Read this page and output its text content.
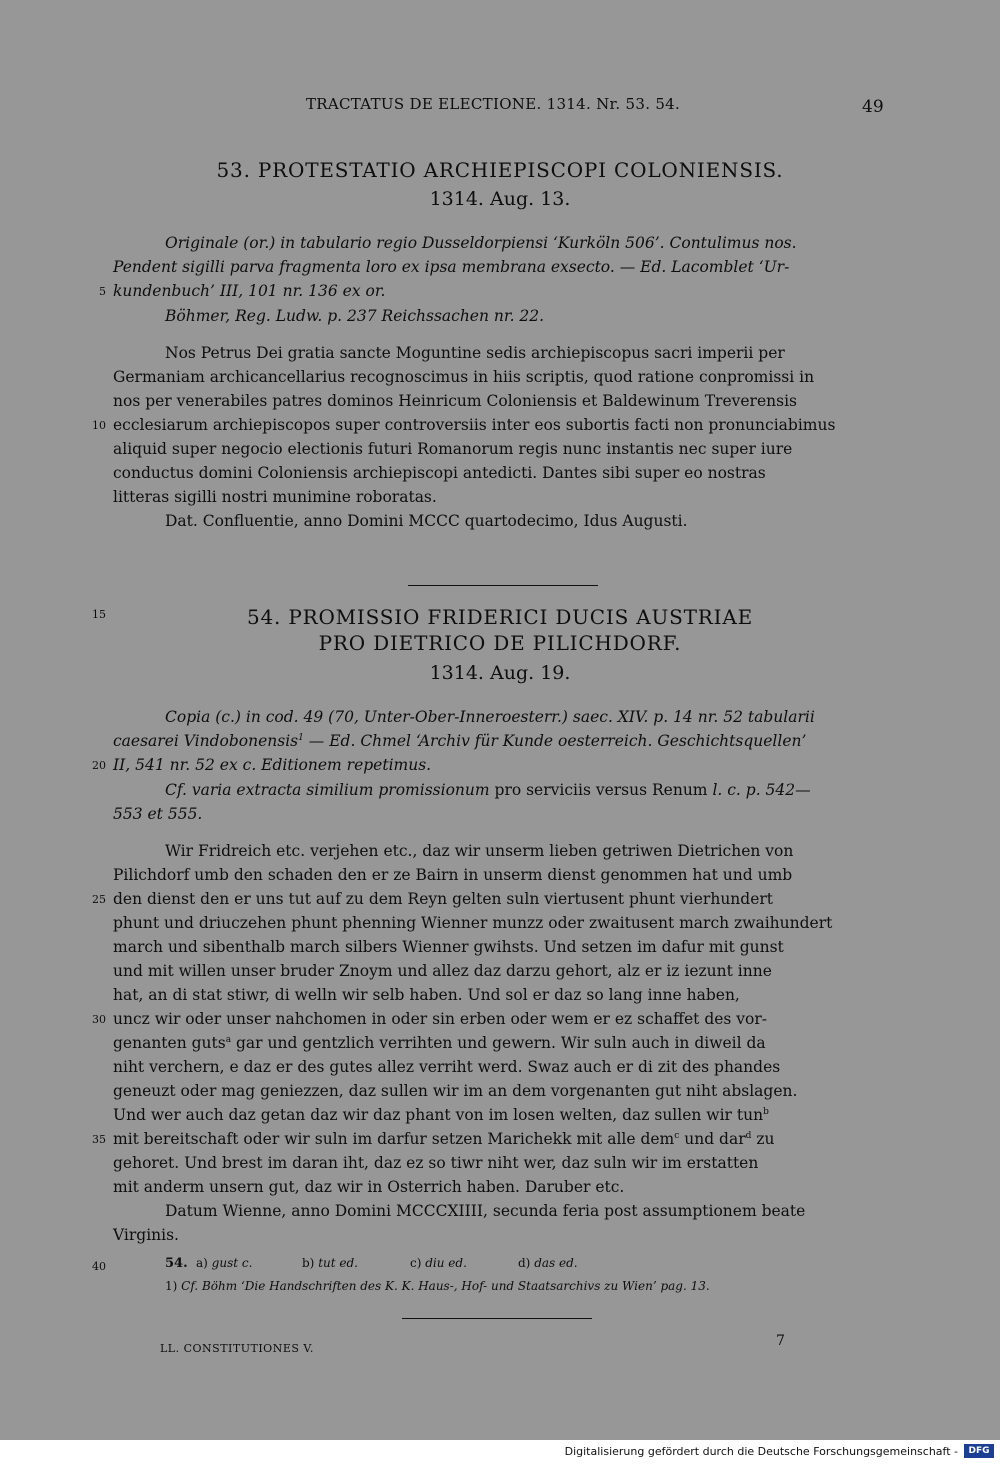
TRACTATUS DE ELECTIONE. 1314. Nr. 53. 54.	49
53. PROTESTATIO ARCHIEPISCOPI COLONIENSIS.
1314. Aug. 13.
Originale (or.) in tabulario regio Dusseldorpiensi ‘Kurköln 506’. Contulimus nos.
Pendent sigilli parva fragmenta loro ex ipsa membrana exsecto. — Ed. Lacomblet ‘Ur-
5 kundenbuch’ III, 101 nr. 136 ex or.
Böhmer, Reg. Ludw. p. 237 Reichssachen nr. 22.
Nos Petrus Dei gratia sancte Moguntine sedis archiepiscopus sacri imperii per
Germaniam archicancellarius recognoscimus in hiis scriptis, quod ratione conpromissi in
nos per venerabiles patres dominos Heinricum Coloniensis et Baldewinum Treverensis
10 ecclesiarum archiepiscopos super controversiis inter eos subortis facti non pronunciabimus
aliquid super negocio electionis futuri Romanorum regis nunc instantis nec super iure
conductus domini Coloniensis archiepiscopi antedicti. Dantes sibi super eo nostras
litteras sigilli nostri munimine roboratas.
Dat. Confluentie, anno Domini MCCC quartodecimo, Idus Augusti.
15	54. PROMISSIO FRIDERICI DUCIS AUSTRIAE
PRO DIETRICO DE PILICHDORF.
1314. Aug. 19.
Copia (c.) in cod. 49 (70, Unter-Ober-Inneroesterr.) saec. XIV. p. 14 nr. 52 tabularii
caesarei Vindobonensis$^1$ — Ed. Chmel ‘Archiv für Kunde oesterreich. Geschichtsquellen’
20 II, 541 nr. 52 ex c. Editionem repetimus.
Cf. varia extracta similium promissionum pro serviciis versus Renum l. c. p. 542—
553 et 555.
Wir Fridreich etc. verjehen etc., daz wir unserm lieben getriwen Dietrichen von
Pilichdorf umb den schaden den er ze Bairn in unserm dienst genommen hat und umb
25 den dienst den er uns tut auf zu dem Reyn gelten suln viertusent phunt vierhundert
phunt und driuczehen phunt phenning Wienner munzz oder zwaitusent march zwaihundert
march und sibenthalb march silbers Wienner gwihsts. Und setzen im dafur mit gunst
und mit willen unser bruder Znoym und allez daz darzu gehort, alz er iz iezunt inne
hat, an di stat stiwr, di welln wir selb haben. Und sol er daz so lang inne haben,
30 uncz wir oder unser nahchomen in oder sin erben oder wem er ez schaffet des vor-
genanten guts$^a$ gar und gentzlich verrihten und gewern. Wir suln auch in diweil da
niht verchern, e daz er des gutes allez verriht werd. Swaz auch er di zit des phandes
geneuzt oder mag geniezzen, daz sullen wir im an dem vorgenanten gut niht abslagen.
Und wer auch daz getan daz wir daz phant von im losen welten, daz sullen wir tun$^b$
35 mit bereitschaft oder wir suln im darfur setzen Marichekk mit alle dem$^c$ und dar$^d$ zu
gehoret. Und brest im daran iht, daz ez so tiwr niht wer, daz suln wir im erstatten
mit anderm unsern gut, daz wir in Osterrich haben. Daruber etc.
Datum Wienne, anno Domini MCCCXIIII, secunda feria post assumptionem beate
Virginis.
40	54. a) gust c.	b) tut ed.	c) diu ed.	d) das ed.
1) Cf. Böhm ‘Die Handschriften des K. K. Haus-, Hof- und Staatsarchivs zu Wien’ pag. 13.
LL. CONSTITUTIONES V.	7
Digitalisierung gefördert durch die Deutsche Forschungsgemeinschaft -	DFG
